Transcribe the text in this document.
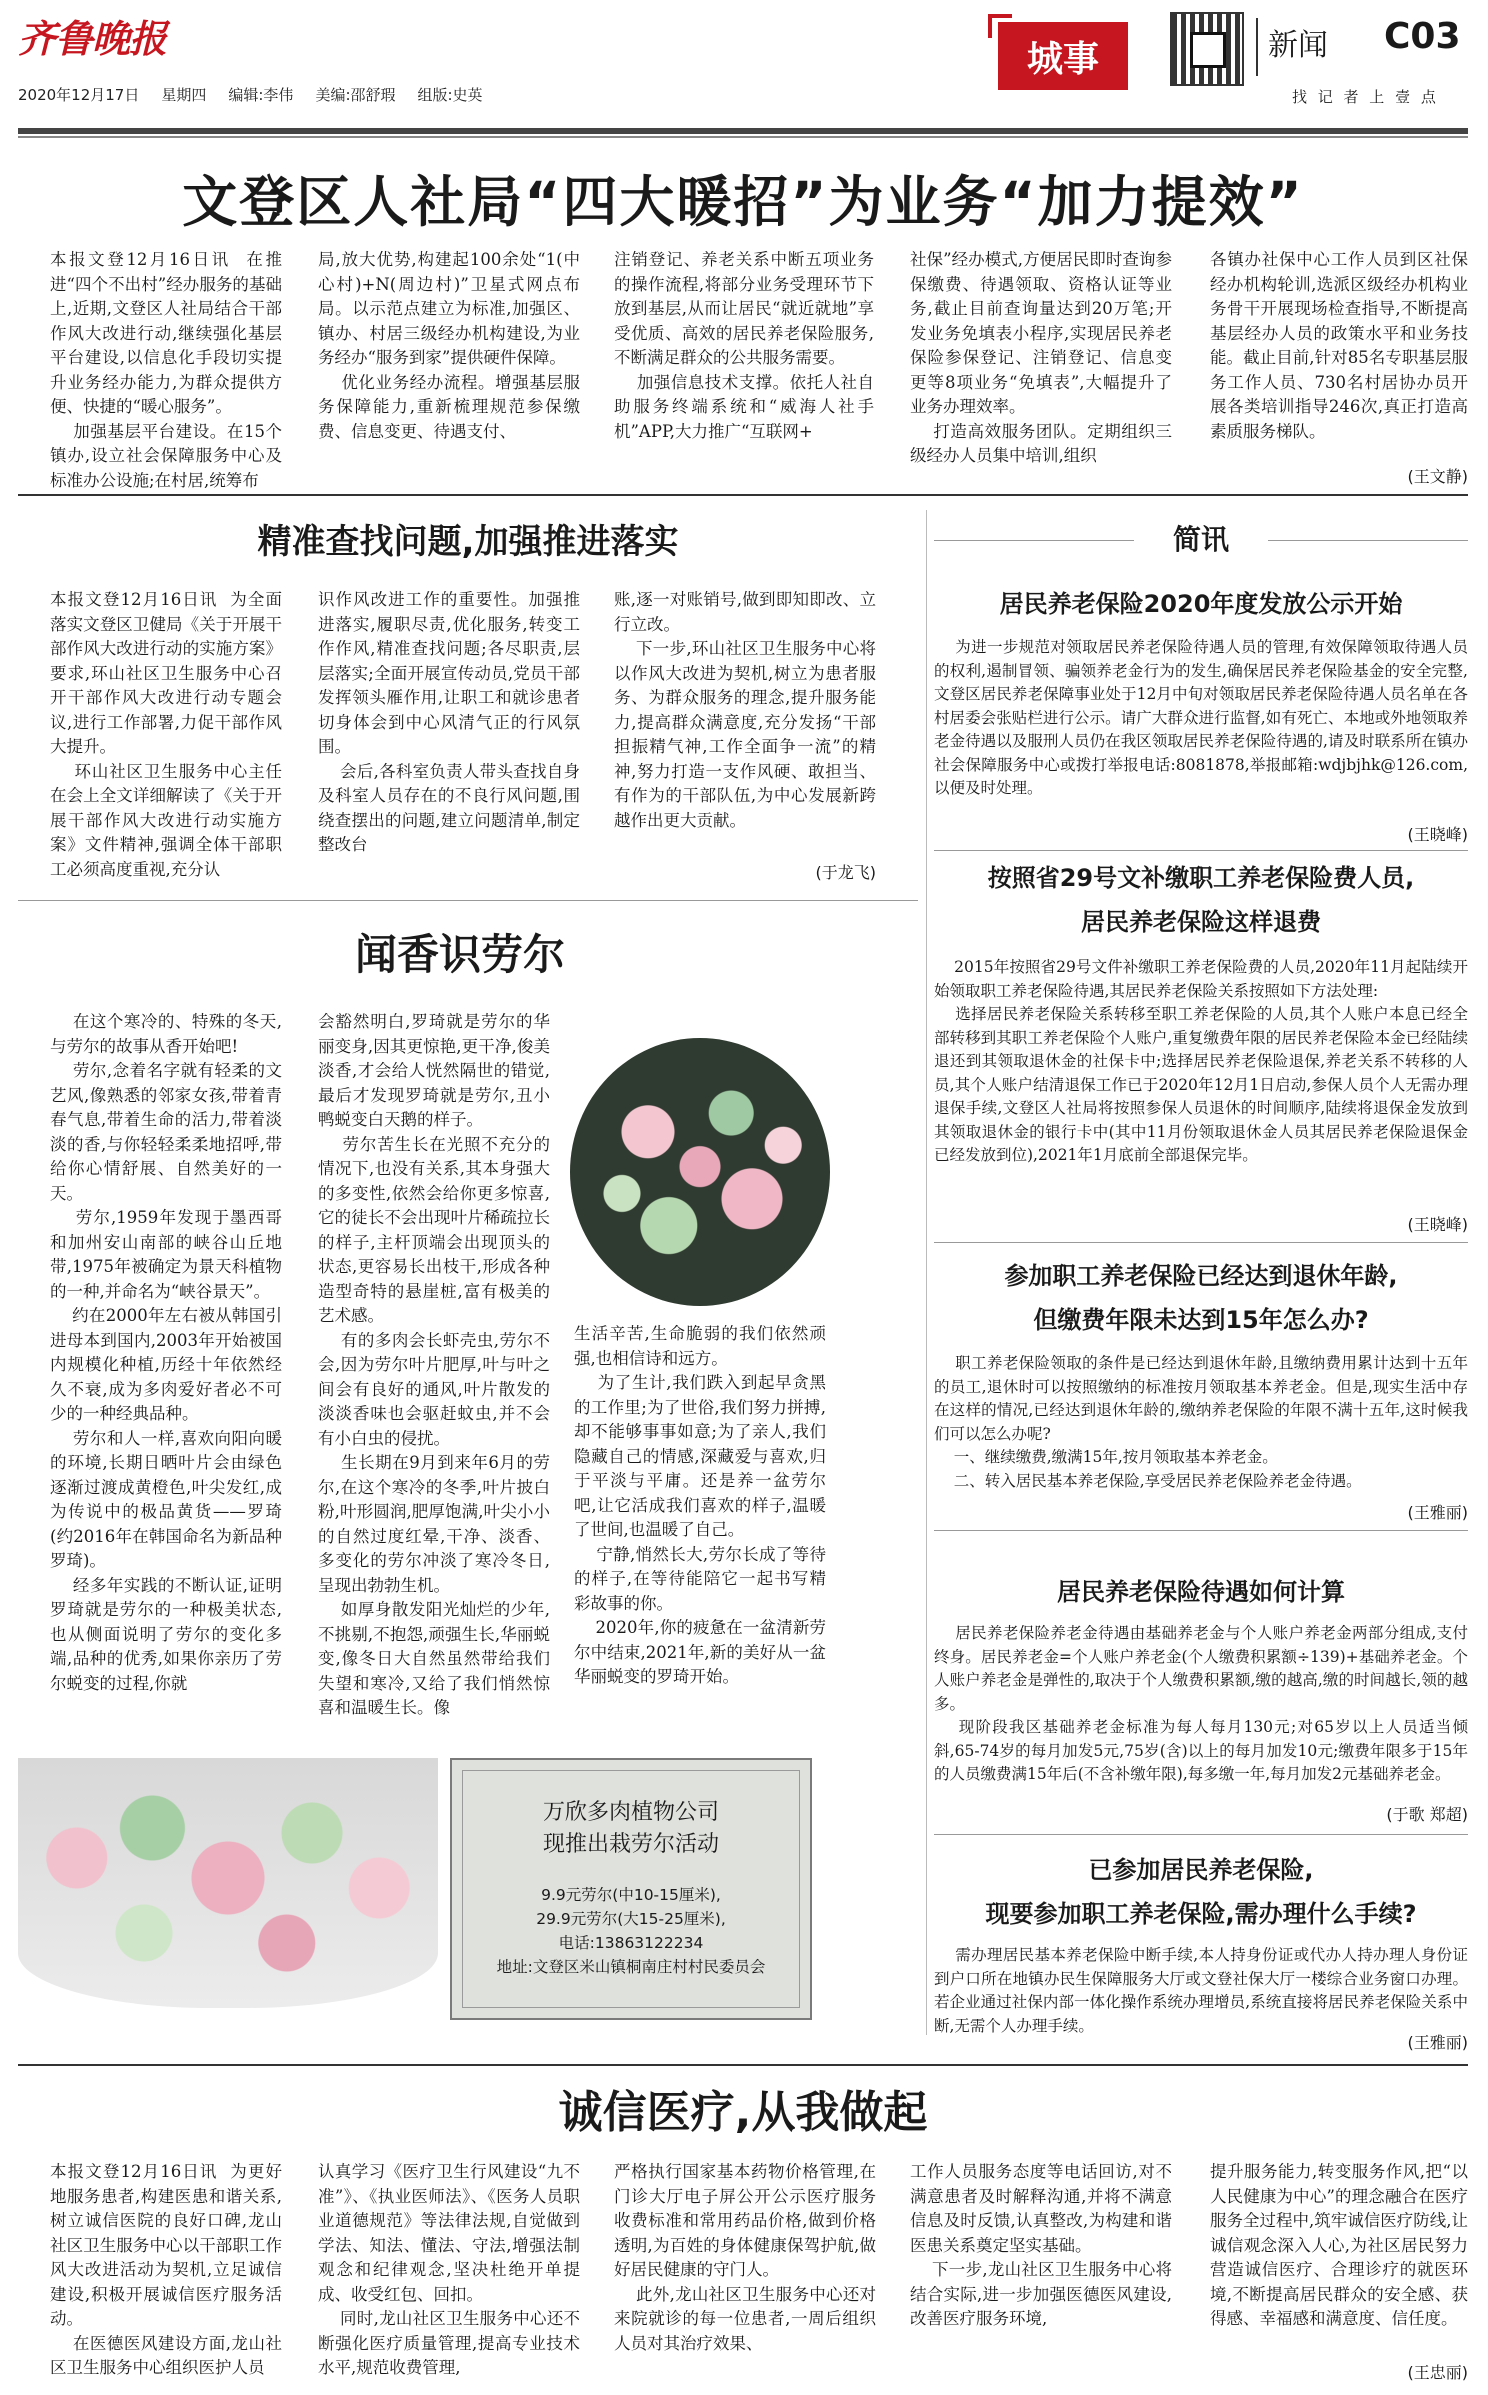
齐鲁晚报
2020年12月17日 星期四 编辑:李伟 美编:邵舒瑕 组版:史英
城事	新闻 C03
找 记 者 上 壹 点
文登区人社局“四大暖招”为业务“加力提效”
本报文登12月16日讯  在推进“四个不出村”经办服务的基础上,近期,文登区人社局结合干部作风大改进行动,继续强化基层平台建设,以信息化手段切实提升业务经办能力,为群众提供方便、快捷的“暖心服务”。
加强基层平台建设。在15个镇办,设立社会保障服务中心及标准办公设施;在村居,统筹布
局,放大优势,构建起100余处“1(中心村)+N(周边村)”卫星式网点布局。以示范点建立为标准,加强区、镇办、村居三级经办机构建设,为业务经办“服务到家”提供硬件保障。
优化业务经办流程。增强基层服务保障能力,重新梳理规范参保缴费、信息变更、待遇支付、
注销登记、养老关系中断五项业务的操作流程,将部分业务受理环节下放到基层,从而让居民“就近就地”享受优质、高效的居民养老保险服务,不断满足群众的公共服务需要。
加强信息技术支撑。依托人社自助服务终端系统和“威海人社手机”APP,大力推广“互联网+
社保”经办模式,方便居民即时查询参保缴费、待遇领取、资格认证等业务,截止目前查询量达到20万笔;开发业务免填表小程序,实现居民养老保险参保登记、注销登记、信息变更等8项业务“免填表”,大幅提升了业务办理效率。
打造高效服务团队。定期组织三级经办人员集中培训,组织
各镇办社保中心工作人员到区社保经办机构轮训,选派区级经办机构业务骨干开展现场检查指导,不断提高基层经办人员的政策水平和业务技能。截止目前,针对85名专职基层服务工作人员、730名村居协办员开展各类培训指导246次,真正打造高素质服务梯队。
(王文静)
精准查找问题,加强推进落实
本报文登12月16日讯  为全面落实文登区卫健局《关于开展干部作风大改进行动的实施方案》要求,环山社区卫生服务中心召开干部作风大改进行动专题会议,进行工作部署,力促干部作风大提升。
环山社区卫生服务中心主任在会上全文详细解读了《关于开展干部作风大改进行动实施方案》文件精神,强调全体干部职工必须高度重视,充分认
识作风改进工作的重要性。加强推进落实,履职尽责,优化服务,转变工作作风,精准查找问题;各尽职责,层层落实;全面开展宣传动员,党员干部发挥领头雁作用,让职工和就诊患者切身体会到中心风清气正的行风氛围。
会后,各科室负责人带头查找自身及科室人员存在的不良行风问题,围绕查摆出的问题,建立问题清单,制定整改台
账,逐一对账销号,做到即知即改、立行立改。
下一步,环山社区卫生服务中心将以作风大改进为契机,树立为患者服务、为群众服务的理念,提升服务能力,提高群众满意度,充分发扬“干部担振精气神,工作全面争一流”的精神,努力打造一支作风硬、敢担当、有作为的干部队伍,为中心发展新跨越作出更大贡献。
(于龙飞)
闻香识劳尔
在这个寒冷的、特殊的冬天,与劳尔的故事从香开始吧!
劳尔,念着名字就有轻柔的文艺风,像熟悉的邻家女孩,带着青春气息,带着生命的活力,带着淡淡的香,与你轻轻柔柔地招呼,带给你心情舒展、自然美好的一天。
劳尔,1959年发现于墨西哥和加州安山南部的峡谷山丘地带,1975年被确定为景天科植物的一种,并命名为“峡谷景天”。
约在2000年左右被从韩国引进母本到国内,2003年开始被国内规模化种植,历经十年依然经久不衰,成为多肉爱好者必不可少的一种经典品种。
劳尔和人一样,喜欢向阳向暖的环境,长期日晒叶片会由绿色逐渐过渡成黄橙色,叶尖发红,成为传说中的极品黄货——罗琦(约2016年在韩国命名为新品种罗琦)。
经多年实践的不断认证,证明罗琦就是劳尔的一种极美状态,也从侧面说明了劳尔的变化多端,品种的优秀,如果你亲历了劳尔蜕变的过程,你就
会豁然明白,罗琦就是劳尔的华丽变身,因其更惊艳,更干净,俊美淡香,才会给人恍然隔世的错觉,最后才发现罗琦就是劳尔,丑小鸭蜕变白天鹅的样子。
劳尔苦生长在光照不充分的情况下,也没有关系,其本身强大的多变性,依然会给你更多惊喜,它的徒长不会出现叶片稀疏拉长的样子,主杆顶端会出现顶头的状态,更容易长出枝干,形成各种造型奇特的悬崖桩,富有极美的艺术感。
有的多肉会长虾壳虫,劳尔不会,因为劳尔叶片肥厚,叶与叶之间会有良好的通风,叶片散发的淡淡香味也会驱赶蚊虫,并不会有小白虫的侵扰。
生长期在9月到来年6月的劳尔,在这个寒冷的冬季,叶片披白粉,叶形圆润,肥厚饱满,叶尖小小的自然过度红晕,干净、淡香、多变化的劳尔冲淡了寒冷冬日,呈现出勃勃生机。
如厚身散发阳光灿烂的少年,不挑剔,不抱怨,顽强生长,华丽蜕变,像冬日大自然虽然带给我们失望和寒冷,又给了我们悄然惊喜和温暖生长。像
生活辛苦,生命脆弱的我们依然顽强,也相信诗和远方。
为了生计,我们跌入到起早贪黑的工作里;为了世俗,我们努力拼搏,却不能够事事如意;为了亲人,我们隐藏自己的情感,深藏爱与喜欢,归于平淡与平庸。还是养一盆劳尔吧,让它活成我们喜欢的样子,温暖了世间,也温暖了自己。
宁静,悄然长大,劳尔长成了等待的样子,在等待能陪它一起书写精彩故事的你。
2020年,你的疲惫在一盆清新劳尔中结束,2021年,新的美好从一盆华丽蜕变的罗琦开始。
万欣多肉植物公司
现推出栽劳尔活动
9.9元劳尔(中10-15厘米),
29.9元劳尔(大15-25厘米),
电话:13863122234
地址:文登区米山镇桐南庄村村民委员会
简讯
居民养老保险2020年度发放公示开始
为进一步规范对领取居民养老保险待遇人员的管理,有效保障领取待遇人员的权利,遏制冒领、骗领养老金行为的发生,确保居民养老保险基金的安全完整,文登区居民养老保障事业处于12月中旬对领取居民养老保险待遇人员名单在各村居委会张贴栏进行公示。请广大群众进行监督,如有死亡、本地或外地领取养老金待遇以及服刑人员仍在我区领取居民养老保险待遇的,请及时联系所在镇办社会保障服务中心或拨打举报电话:8081878,举报邮箱:wdjbjhk@126.com,以便及时处理。
(王晓峰)
按照省29号文补缴职工养老保险费人员,
居民养老保险这样退费
2015年按照省29号文件补缴职工养老保险费的人员,2020年11月起陆续开始领取职工养老保险待遇,其居民养老保险关系按照如下方法处理:
选择居民养老保险关系转移至职工养老保险的人员,其个人账户本息已经全部转移到其职工养老保险个人账户,重复缴费年限的居民养老保险本金已经陆续退还到其领取退休金的社保卡中;选择居民养老保险退保,养老关系不转移的人员,其个人账户结清退保工作已于2020年12月1日启动,参保人员个人无需办理退保手续,文登区人社局将按照参保人员退休的时间顺序,陆续将退保金发放到其领取退休金的银行卡中(其中11月份领取退休金人员其居民养老保险退保金已经发放到位),2021年1月底前全部退保完毕。
(王晓峰)
参加职工养老保险已经达到退休年龄,
但缴费年限未达到15年怎么办?
职工养老保险领取的条件是已经达到退休年龄,且缴纳费用累计达到十五年的员工,退休时可以按照缴纳的标准按月领取基本养老金。但是,现实生活中存在这样的情况,已经达到退休年龄的,缴纳养老保险的年限不满十五年,这时候我们可以怎么办呢?
一、继续缴费,缴满15年,按月领取基本养老金。
二、转入居民基本养老保险,享受居民养老保险养老金待遇。
(王雅丽)
居民养老保险待遇如何计算
居民养老保险养老金待遇由基础养老金与个人账户养老金两部分组成,支付终身。居民养老金=个人账户养老金(个人缴费积累额÷139)+基础养老金。个人账户养老金是弹性的,取决于个人缴费积累额,缴的越高,缴的时间越长,领的越多。
现阶段我区基础养老金标准为每人每月130元;对65岁以上人员适当倾斜,65-74岁的每月加发5元,75岁(含)以上的每月加发10元;缴费年限多于15年的人员缴费满15年后(不含补缴年限),每多缴一年,每月加发2元基础养老金。
(于歌 郑超)
已参加居民养老保险,
现要参加职工养老保险,需办理什么手续?
需办理居民基本养老保险中断手续,本人持身份证或代办人持办理人身份证到户口所在地镇办民生保障服务大厅或文登社保大厅一楼综合业务窗口办理。若企业通过社保内部一体化操作系统办理增员,系统直接将居民养老保险关系中断,无需个人办理手续。
(王雅丽)
诚信医疗,从我做起
本报文登12月16日讯  为更好地服务患者,构建医患和谐关系,树立诚信医院的良好口碑,龙山社区卫生服务中心以干部职工作风大改进活动为契机,立足诚信建设,积极开展诚信医疗服务活动。
在医德医风建设方面,龙山社区卫生服务中心组织医护人员
认真学习《医疗卫生行风建设“九不准”》、《执业医师法》、《医务人员职业道德规范》等法律法规,自觉做到学法、知法、懂法、守法,增强法制观念和纪律观念,坚决杜绝开单提成、收受红包、回扣。
同时,龙山社区卫生服务中心还不断强化医疗质量管理,提高专业技术水平,规范收费管理,
严格执行国家基本药物价格管理,在门诊大厅电子屏公开公示医疗服务收费标准和常用药品价格,做到价格透明,为百姓的身体健康保驾护航,做好居民健康的守门人。
此外,龙山社区卫生服务中心还对来院就诊的每一位患者,一周后组织人员对其治疗效果、
工作人员服务态度等电话回访,对不满意患者及时解释沟通,并将不满意信息及时反馈,认真整改,为构建和谐医患关系奠定坚实基础。
下一步,龙山社区卫生服务中心将结合实际,进一步加强医德医风建设,改善医疗服务环境,
提升服务能力,转变服务作风,把“以人民健康为中心”的理念融合在医疗服务全过程中,筑牢诚信医疗防线,让诚信观念深入人心,为社区居民努力营造诚信医疗、合理诊疗的就医环境,不断提高居民群众的安全感、获得感、幸福感和满意度、信任度。
(王忠丽)
